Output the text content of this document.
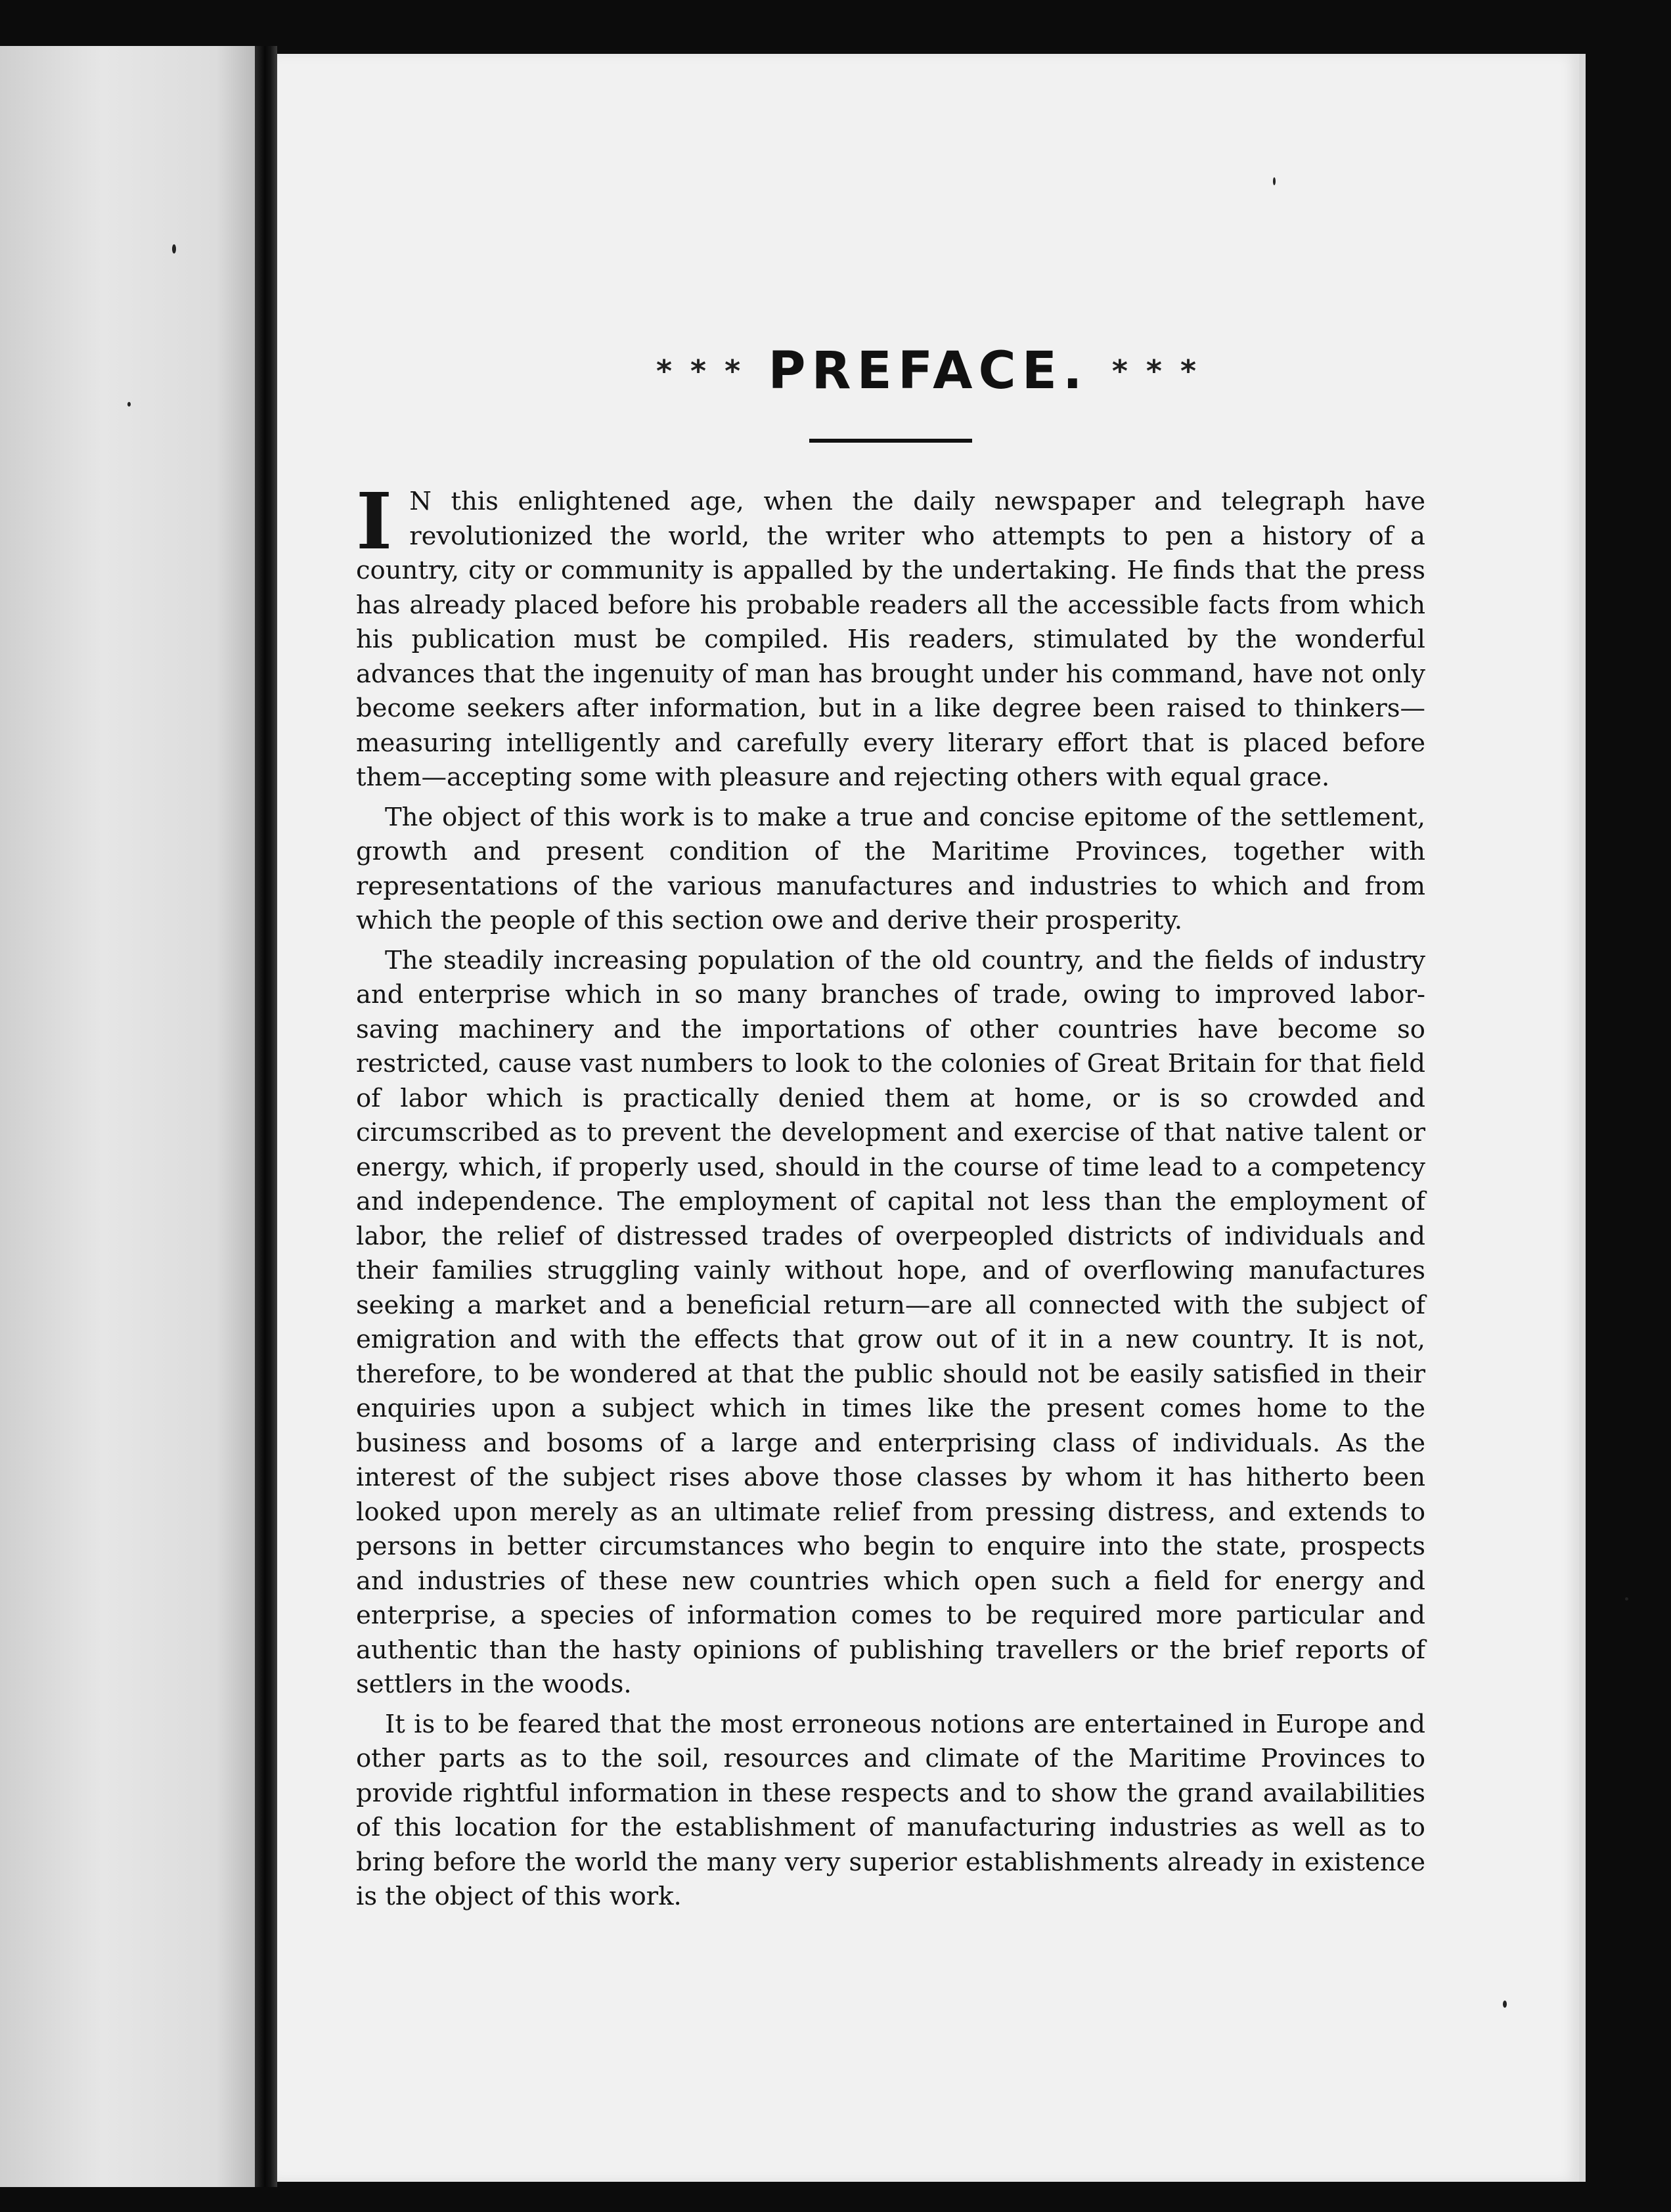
* * * PREFACE. * * *

I N this enlightened age, when the daily newspaper and telegraph have revolutionized the world, the writer who attempts to pen a history of a country, city or community is appalled by the undertaking. He finds that the press has already placed before his probable readers all the accessible facts from which his publication must be compiled. His readers, stimulated by the wonderful advances that the ingenuity of man has brought under his command, have not only become seekers after information, but in a like degree been raised to thinkers—measuring intelligently and carefully every literary effort that is placed before them—accepting some with pleasure and rejecting others with equal grace.

The object of this work is to make a true and concise epitome of the settlement, growth and present condition of the Maritime Provinces, together with representations of the various manufactures and industries to which and from which the people of this section owe and derive their prosperity.

The steadily increasing population of the old country, and the fields of industry and enterprise which in so many branches of trade, owing to improved labor-saving machinery and the importations of other countries have become so restricted, cause vast numbers to look to the colonies of Great Britain for that field of labor which is practically denied them at home, or is so crowded and circumscribed as to prevent the development and exercise of that native talent or energy, which, if properly used, should in the course of time lead to a competency and independence. The employment of capital not less than the employment of labor, the relief of distressed trades of overpeopled districts of individuals and their families struggling vainly without hope, and of overflowing manufactures seeking a market and a beneficial return—are all connected with the subject of emigration and with the effects that grow out of it in a new country. It is not, therefore, to be wondered at that the public should not be easily satisfied in their enquiries upon a subject which in times like the present comes home to the business and bosoms of a large and enterprising class of individuals. As the interest of the subject rises above those classes by whom it has hitherto been looked upon merely as an ultimate relief from pressing distress, and extends to persons in better circumstances who begin to enquire into the state, prospects and industries of these new countries which open such a field for energy and enterprise, a species of information comes to be required more particular and authentic than the hasty opinions of publishing travellers or the brief reports of settlers in the woods.

It is to be feared that the most erroneous notions are entertained in Europe and other parts as to the soil, resources and climate of the Maritime Provinces to provide rightful information in these respects and to show the grand availabilities of this location for the establishment of manufacturing industries as well as to bring before the world the many very superior establishments already in existence is the object of this work.
